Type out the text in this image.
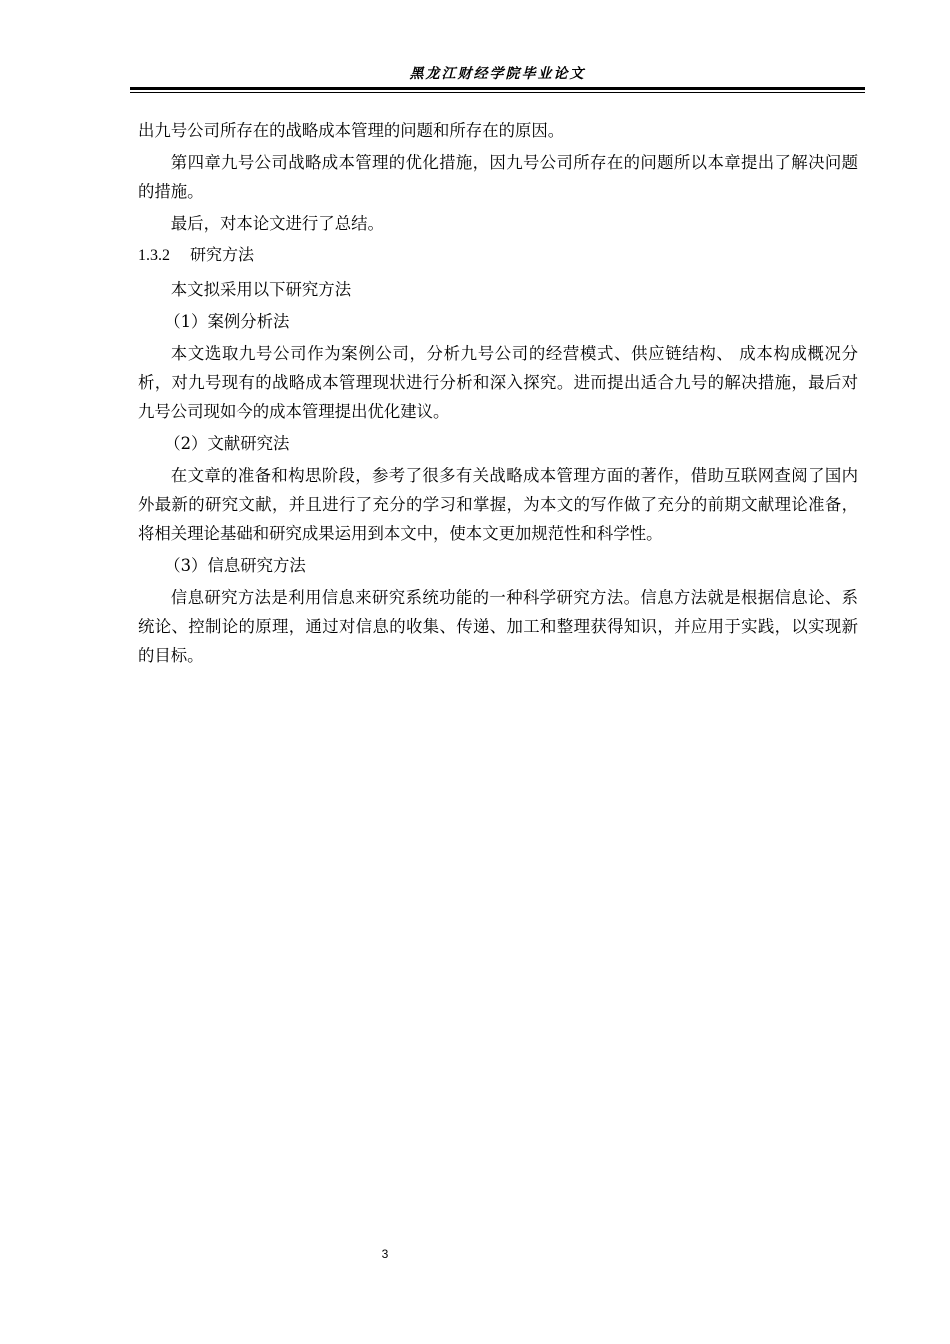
黑龙江财经学院毕业论文

出九号公司所存在的战略成本管理的问题和所存在的原因。

第四章九号公司战略成本管理的优化措施，因九号公司所存在的问题所以本章提出了解决问题的措施。

最后，对本论文进行了总结。

1.3.2 研究方法

本文拟采用以下研究方法

（1）案例分析法

本文选取九号公司作为案例公司，分析九号公司的经营模式、供应链结构、 成本构成概况分析，对九号现有的战略成本管理现状进行分析和深入探究。进而提出适合九号的解决措施，最后对九号公司现如今的成本管理提出优化建议。

（2）文献研究法

在文章的准备和构思阶段，参考了很多有关战略成本管理方面的著作，借助互联网查阅了国内外最新的研究文献，并且进行了充分的学习和掌握，为本文的写作做了充分的前期文献理论准备，将相关理论基础和研究成果运用到本文中，使本文更加规范性和科学性。

（3）信息研究方法

信息研究方法是利用信息来研究系统功能的一种科学研究方法。信息方法就是根据信息论、系统论、控制论的原理，通过对信息的收集、传递、加工和整理获得知识，并应用于实践，以实现新的目标。

3
